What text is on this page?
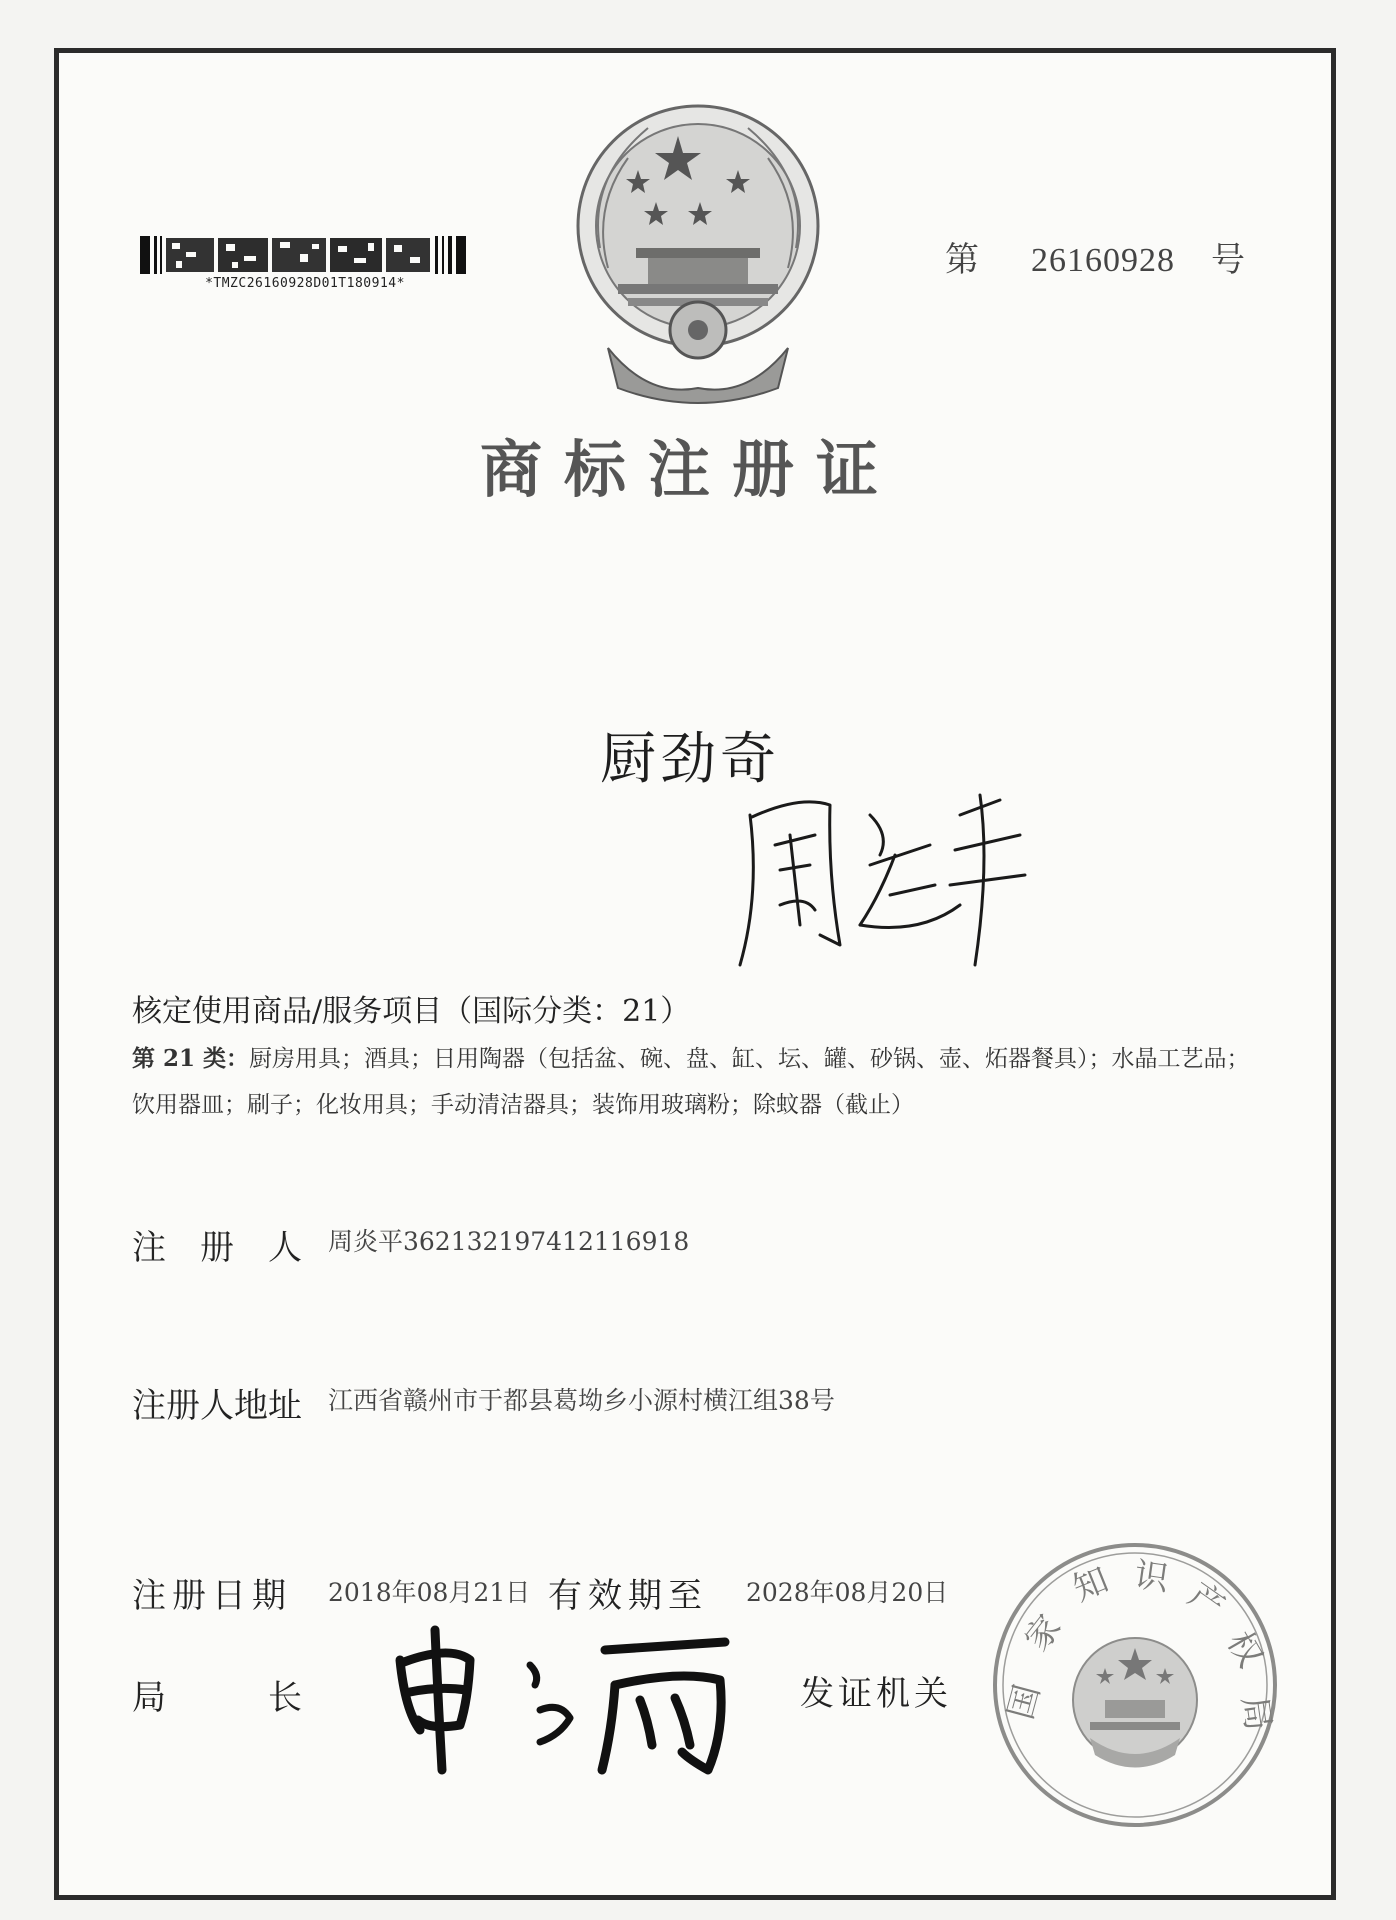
*TMZC26160928D01T180914*
第 26160928 号
商标注册证
厨劲奇
核定使用商品/服务项目（国际分类：21）
第 21 类：厨房用具；酒具；日用陶器（包括盆、碗、盘、缸、坛、罐、砂锅、壶、炻器餐具）；水晶工艺品；饮用器皿；刷子；化妆用具；手动清洁器具；装饰用玻璃粉；除蚊器（截止）
注 册 人 周炎平362132197412116918
注册人地址 江西省赣州市于都县葛坳乡小源村横江组38号
注册日期 2018年08月21日 有效期至 2028年08月20日
局	长	发证机关 国
家
知 识 产
权
局
